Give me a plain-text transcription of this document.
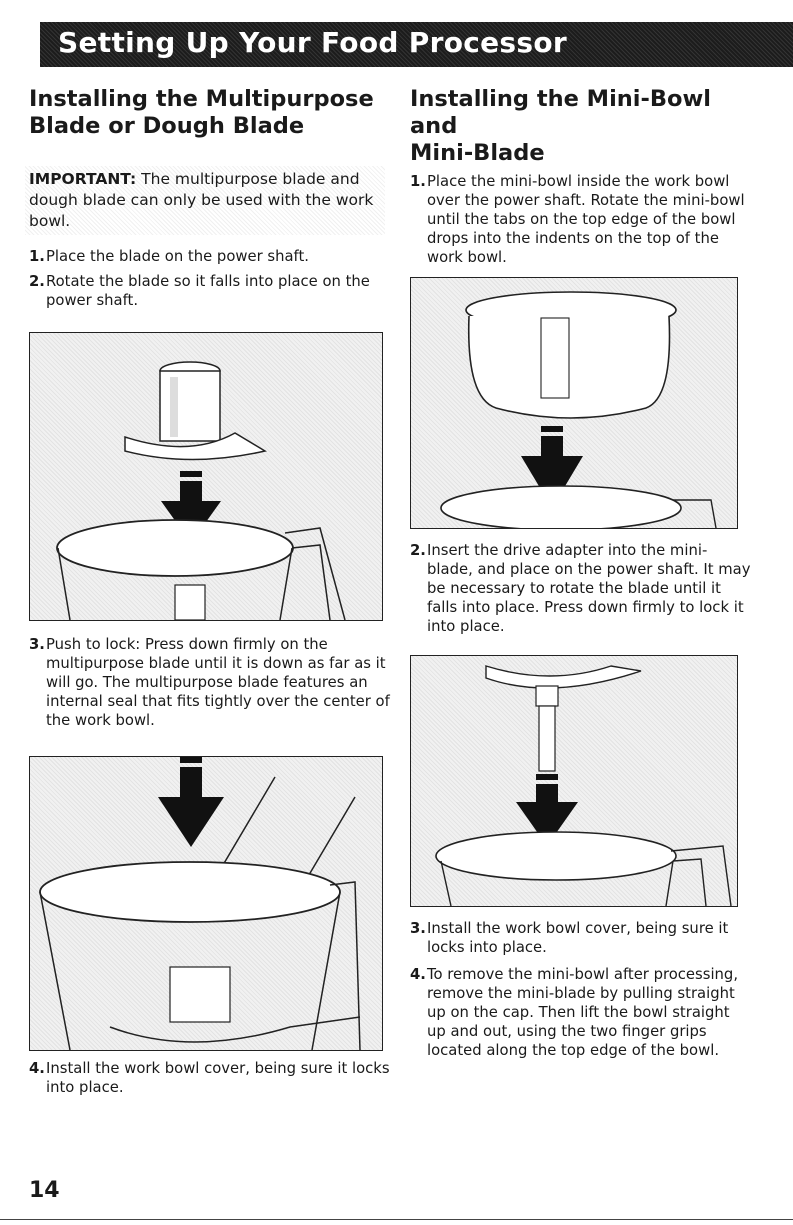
Setting Up Your Food Processor
Installing the Multipurpose
Blade or Dough Blade
IMPORTANT: The multipurpose blade and dough blade can only be used with the work bowl.

1.Place the blade on the power shaft.

2.Rotate the blade so it falls into place on the power shaft.

3.Push to lock: Press down firmly on the multipurpose blade until it is down as far as it will go. The multipurpose blade features an internal seal that fits tightly over the center of the work bowl.

4.Install the work bowl cover, being sure it locks into place.

Installing the Mini-Bowl and
Mini-Blade

1.Place the mini-bowl inside the work bowl over the power shaft. Rotate the mini-bowl until the tabs on the top edge of the bowl drops into the indents on the top of the work bowl.

2.Insert the drive adapter into the mini-blade, and place on the power shaft. It may be necessary to rotate the blade until it falls into place. Press down firmly to lock it into place.

3.Install the work bowl cover, being sure it locks into place.

4.To remove the mini-bowl after processing, remove the mini-blade by pulling straight up on the cap. Then lift the bowl straight up and out, using the two finger grips located along the top edge of the bowl.

14
